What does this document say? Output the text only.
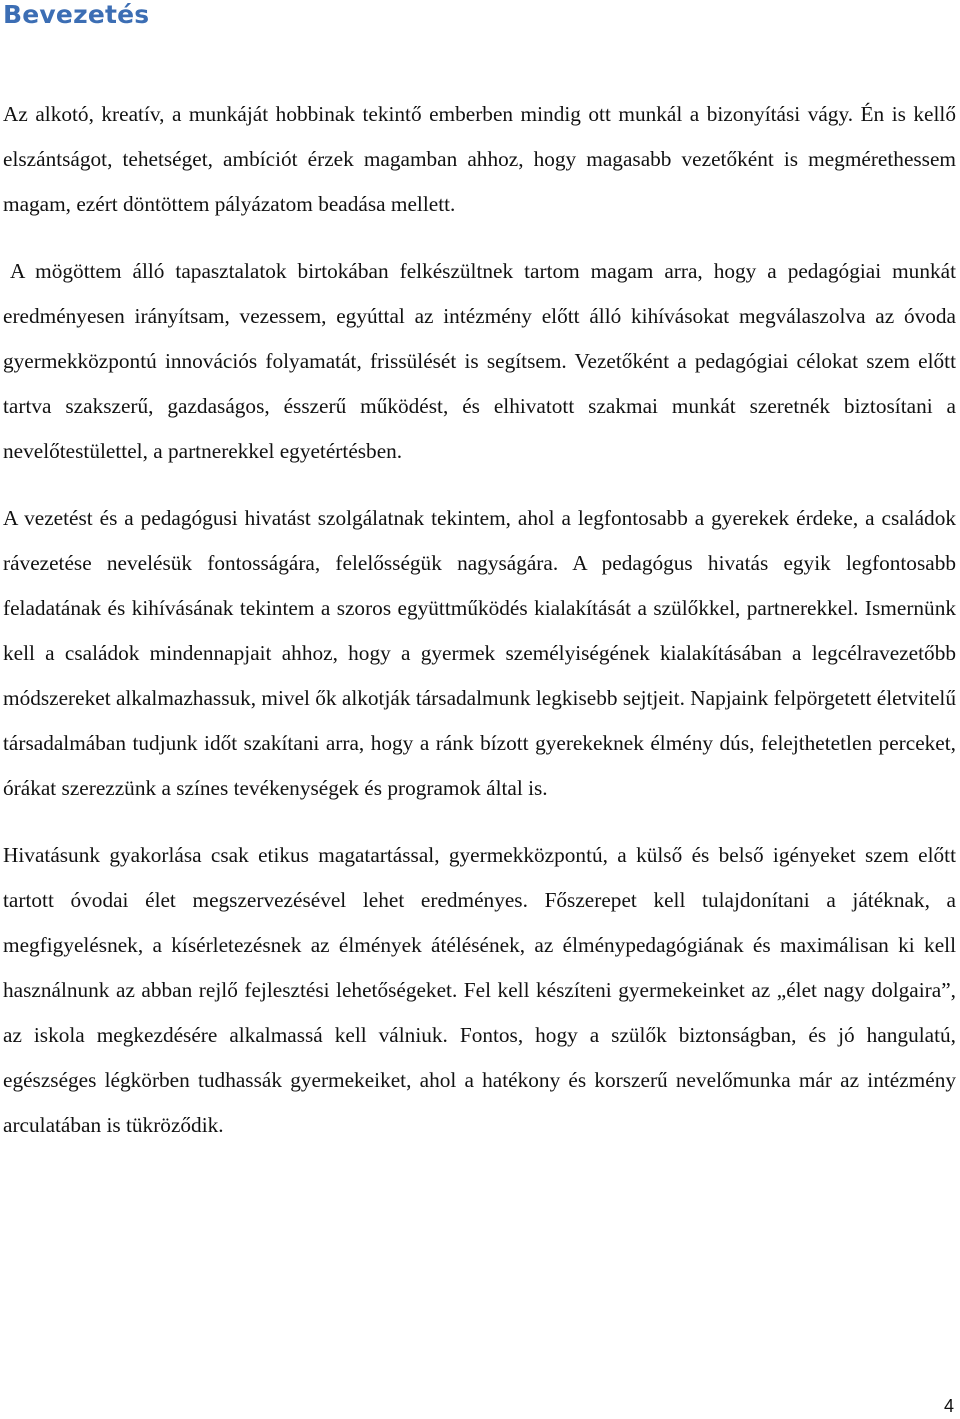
Bevezetés

Az alkotó, kreatív, a munkáját hobbinak tekintő emberben mindig ott munkál a bizonyítási vágy. Én is kellő elszántságot, tehetséget, ambíciót érzek magamban ahhoz, hogy magasabb vezetőként is megmérethessem magam, ezért döntöttem pályázatom beadása mellett.

A mögöttem álló tapasztalatok birtokában felkészültnek tartom magam arra, hogy a pedagógiai munkát eredményesen irányítsam, vezessem, egyúttal az intézmény előtt álló kihívásokat megválaszolva az óvoda gyermekközpontú innovációs folyamatát, frissülését is segítsem. Vezetőként a pedagógiai célokat szem előtt tartva szakszerű, gazdaságos, ésszerű működést, és elhivatott szakmai munkát szeretnék biztosítani a nevelőtestülettel, a partnerekkel egyetértésben.

A vezetést és a pedagógusi hivatást szolgálatnak tekintem, ahol a legfontosabb a gyerekek érdeke, a családok rávezetése nevelésük fontosságára, felelősségük nagyságára. A pedagógus hivatás egyik legfontosabb feladatának és kihívásának tekintem a szoros együttműködés kialakítását a szülőkkel, partnerekkel. Ismernünk kell a családok mindennapjait ahhoz, hogy a gyermek személyiségének kialakításában a legcélravezetőbb módszereket alkalmazhassuk, mivel ők alkotják társadalmunk legkisebb sejtjeit. Napjaink felpörgetett életvitelű társadalmában tudjunk időt szakítani arra, hogy a ránk bízott gyerekeknek élmény dús, felejthetetlen perceket, órákat szerezzünk a színes tevékenységek és programok által is.

Hivatásunk gyakorlása csak etikus magatartással, gyermekközpontú, a külső és belső igényeket szem előtt tartott óvodai élet megszervezésével lehet eredményes. Főszerepet kell tulajdonítani a játéknak, a megfigyelésnek, a kísérletezésnek az élmények átélésének, az élménypedagógiának és maximálisan ki kell használnunk az abban rejlő fejlesztési lehetőségeket. Fel kell készíteni gyermekeinket az „élet nagy dolgaira”, az iskola megkezdésére alkalmassá kell válniuk. Fontos, hogy a szülők biztonságban, és jó hangulatú, egészséges légkörben tudhassák gyermekeiket, ahol a hatékony és korszerű nevelőmunka már az intézmény arculatában is tükröződik.

4
